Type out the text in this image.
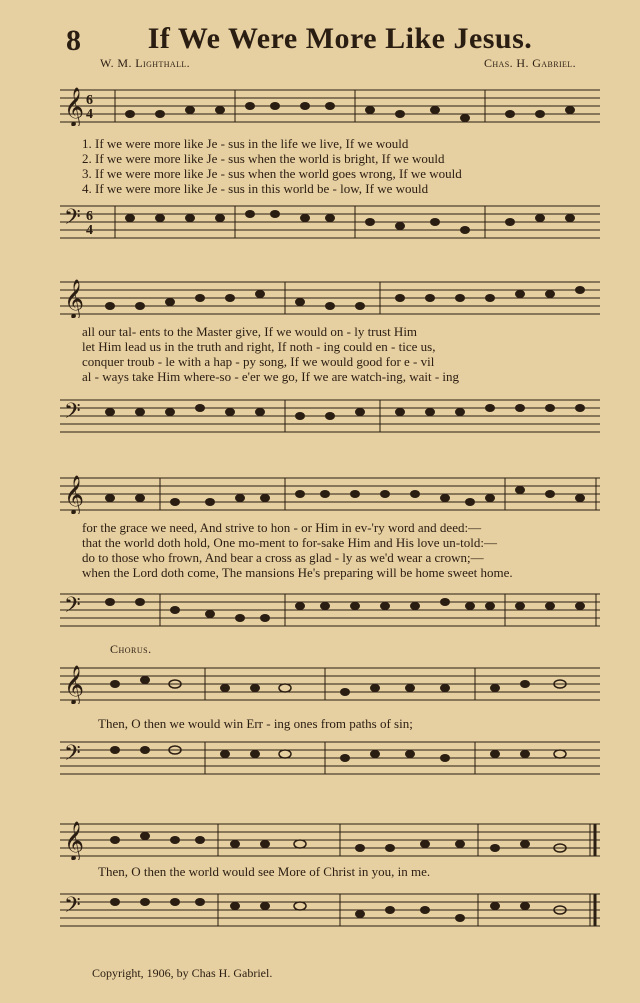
8	If We Were More Like Jesus.
W. M. Lighthall.	Chas. H. Gabriel.
𝄞 6
4
1. If we were more like Je - sus in the life we live, If we would
2. If we were more like Je - sus when the world is bright, If we would
3. If we were more like Je - sus when the world goes wrong, If we would
4. If we were more like Je - sus in this world be - low, If we would
𝄢 6
4
𝄞
all our tal- ents to the Master give, If we would on - ly trust Him
let Him lead us in the truth and right, If noth - ing could en - tice us,
conquer troub - le with a hap - py song, If we would good for e - vil
al - ways take Him where-so - e'er we go, If we are watch-ing, wait - ing
𝄢
𝄞
for the grace we need, And strive to hon - or Him in ev-'ry word and deed:—
that the world doth hold, One mo-ment to for-sake Him and His love un-told:—
do to those who frown, And bear a cross as glad - ly as we'd wear a crown;—
when the Lord doth come, The mansions He's preparing will be home sweet home.
𝄢
Chorus.
𝄞
Then, O then we would win Err - ing ones from paths of sin;
𝄢
𝄞
Then, O then the world would see More of Christ in you, in me.
𝄢
Copyright, 1906, by Chas H. Gabriel.
